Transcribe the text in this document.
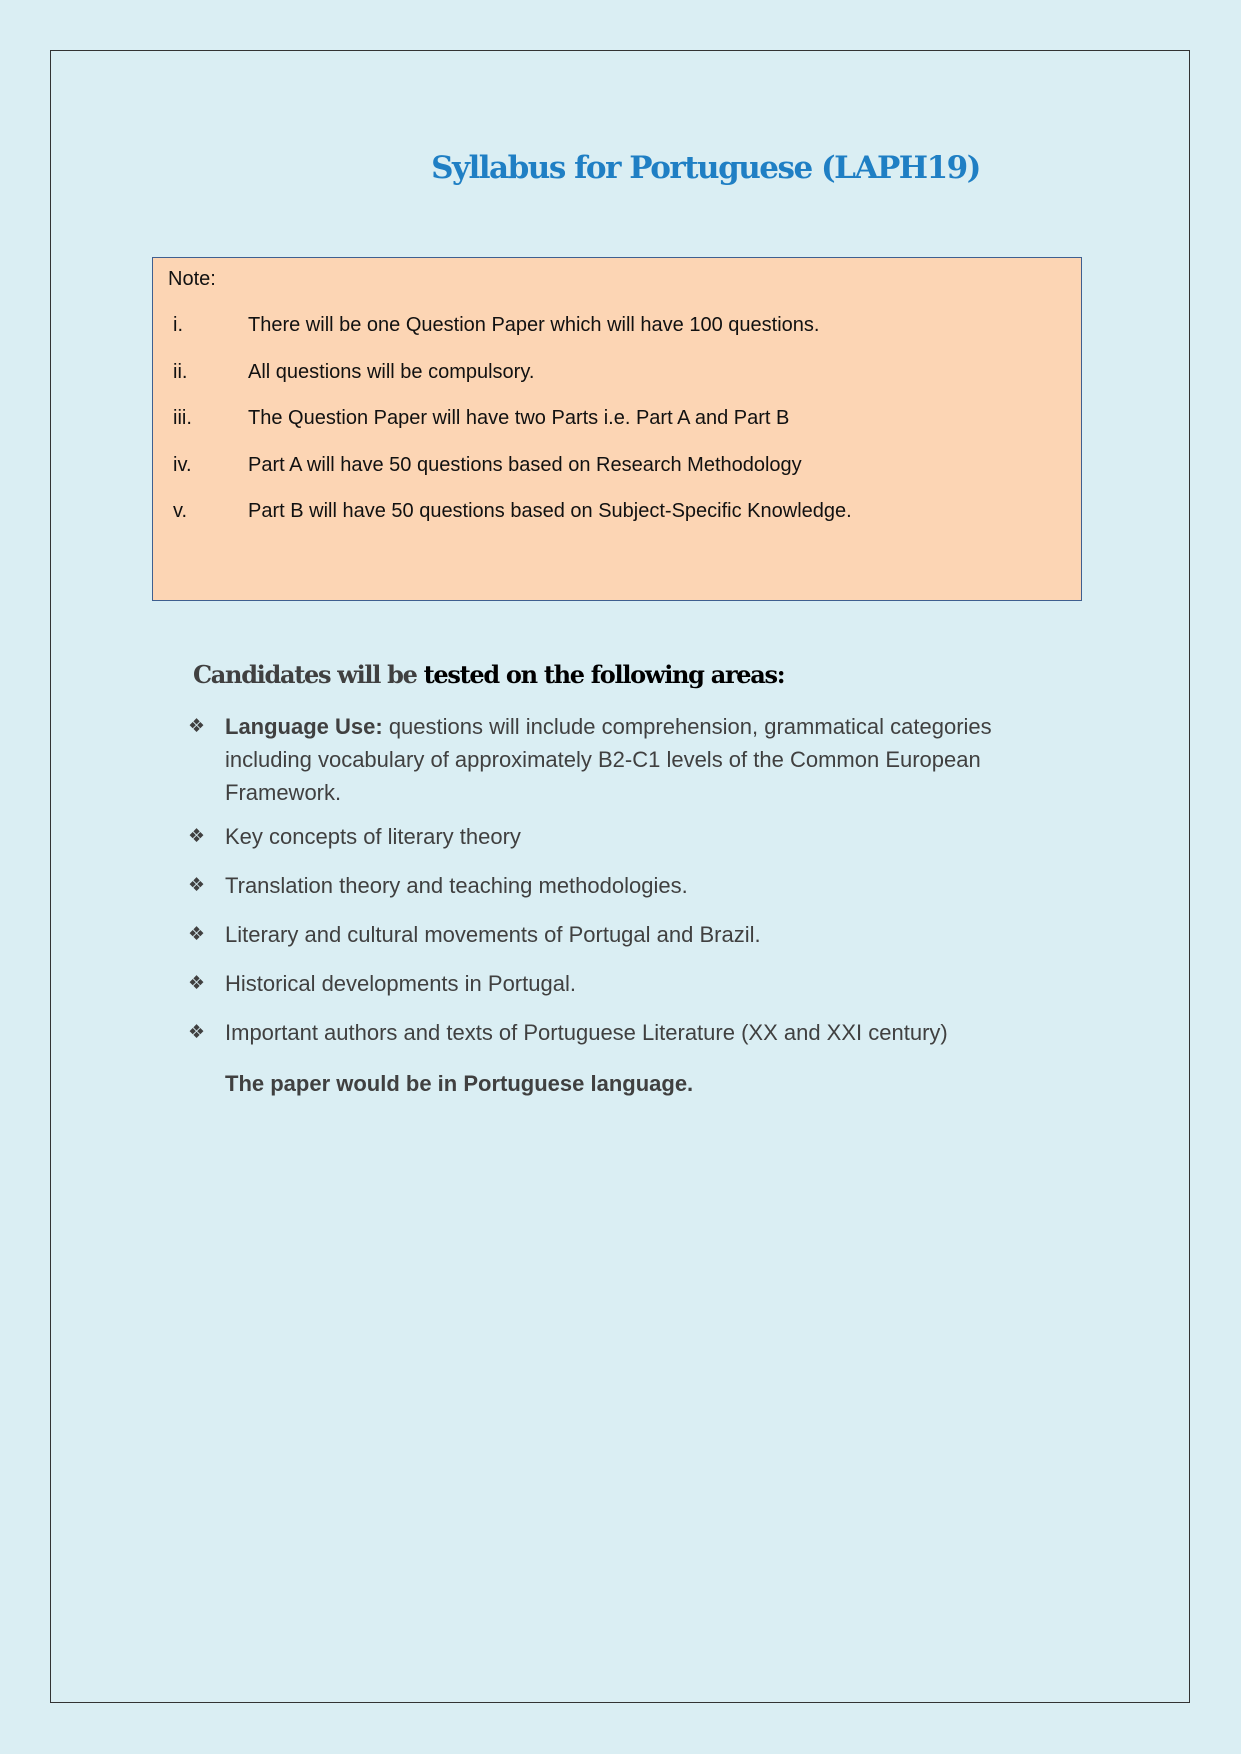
Syllabus for Portuguese (LAPH19)
Note:
i.	There will be one Question Paper which will have 100 questions.
ii.	All questions will be compulsory.
iii.	The Question Paper will have two Parts i.e. Part A and Part B
iv.	Part A will have 50 questions based on Research Methodology
v.	Part B will have 50 questions based on Subject-Specific Knowledge.
Candidates will be tested on the following areas:
❖ Language Use: questions will include comprehension, grammatical categories including vocabulary of approximately B2-C1 levels of the Common European Framework.
❖ Key concepts of literary theory
❖ Translation theory and teaching methodologies.
❖ Literary and cultural movements of Portugal and Brazil.
❖ Historical developments in Portugal.
❖ Important authors and texts of Portuguese Literature (XX and XXI century)

The paper would be in Portuguese language.
